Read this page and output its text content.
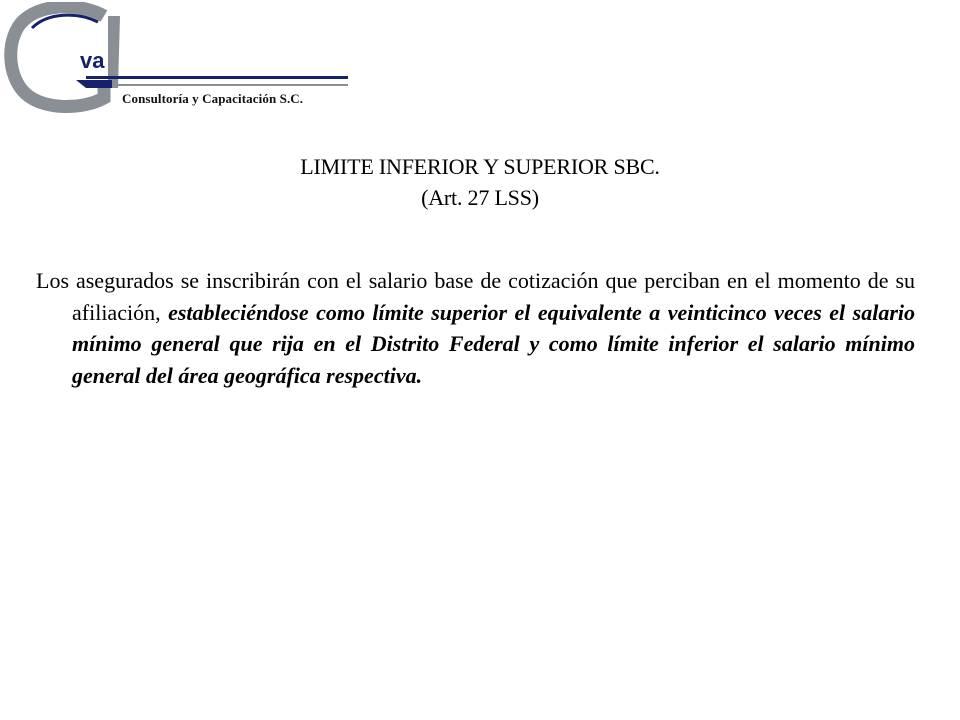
va
Consultoría y Capacitación S.C.
LIMITE INFERIOR Y SUPERIOR SBC.
(Art. 27 LSS)

Los asegurados se inscribirán con el salario base de cotización que perciban en el momento de su afiliación, estableciéndose como límite superior el equivalente a veinticinco veces el salario mínimo general que rija en el Distrito Federal y como límite inferior el salario mínimo general del área geográfica respectiva.
